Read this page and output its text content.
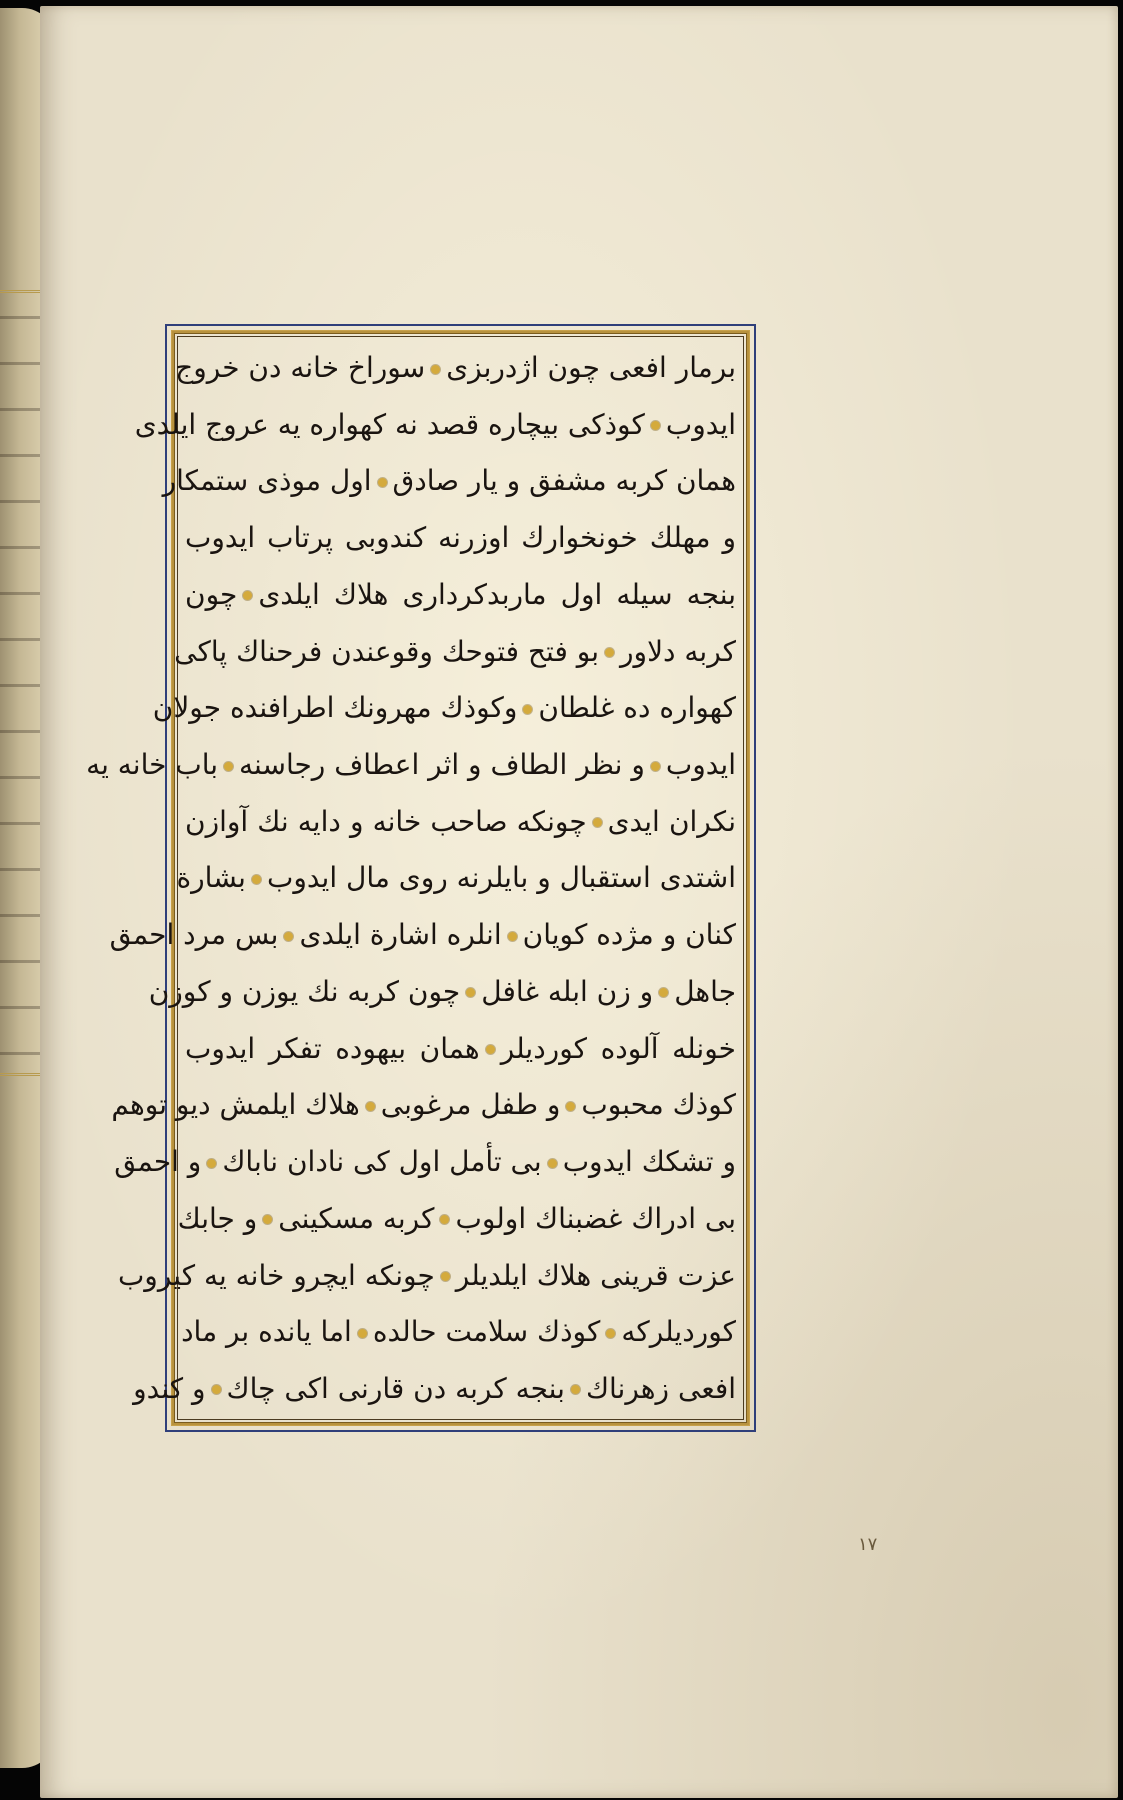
برمار افعی چون اژدربزیسوراخ خانه دن خروج
ایدوبکوذکی بیچاره قصد نه کهواره یه عروج ایلدی
همان کربه مشفق و یار صادقاول موذی ستمکار
و مهلك خونخوارك اوزرنه کندوبی پرتاب ایدوب
بنجه سیله اول ماربدکرداری هلاك ایلدیچون
کربه دلاوربو فتح فتوحك وقوعندن فرحناك پاکی
کهواره ده غلطانوکوذك مهرونك اطرافنده جولان
ایدوبو نظر الطاف و اثر اعطاف رجاسنهباب خانه یه
نکران ایدیچونکه صاحب خانه و دایه نك آوازن
اشتدی استقبال و بایلرنه روی مال ایدوببشارة
کنان و مژده کویانانلره اشارة ایلدیبس مرد احمق
جاهلو زن ابله غافلچون کربه نك یوزن و کوزن
خونله آلوده کوردیلرهمان بیهوده تفکر ایدوب
کوذك محبوبو طفل مرغوبیهلاك ایلمش دیو توهم
و تشکك ایدوببی تأمل اول کی نادان ناباكو احمق
بی ادراك غضبناك اولوبکربه مسکینیو جابك
عزت قرینی هلاك ایلدیلرچونکه ایچرو خانه یه کیروب
کوردیلرکهکوذك سلامت حالدهاما یانده بر ماد
افعی زهرناكبنجه کربه دن قارنی اکی چاكو کندو
١٧
